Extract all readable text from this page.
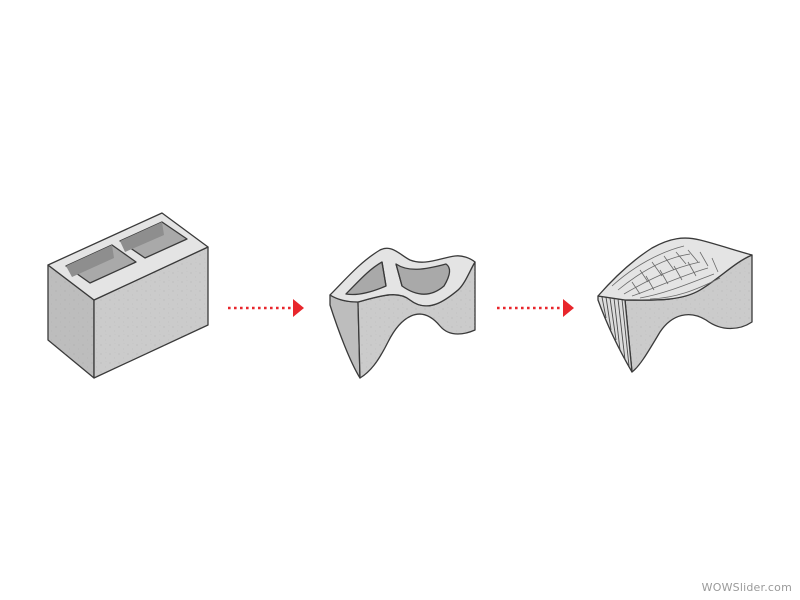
WOWSlider.com
